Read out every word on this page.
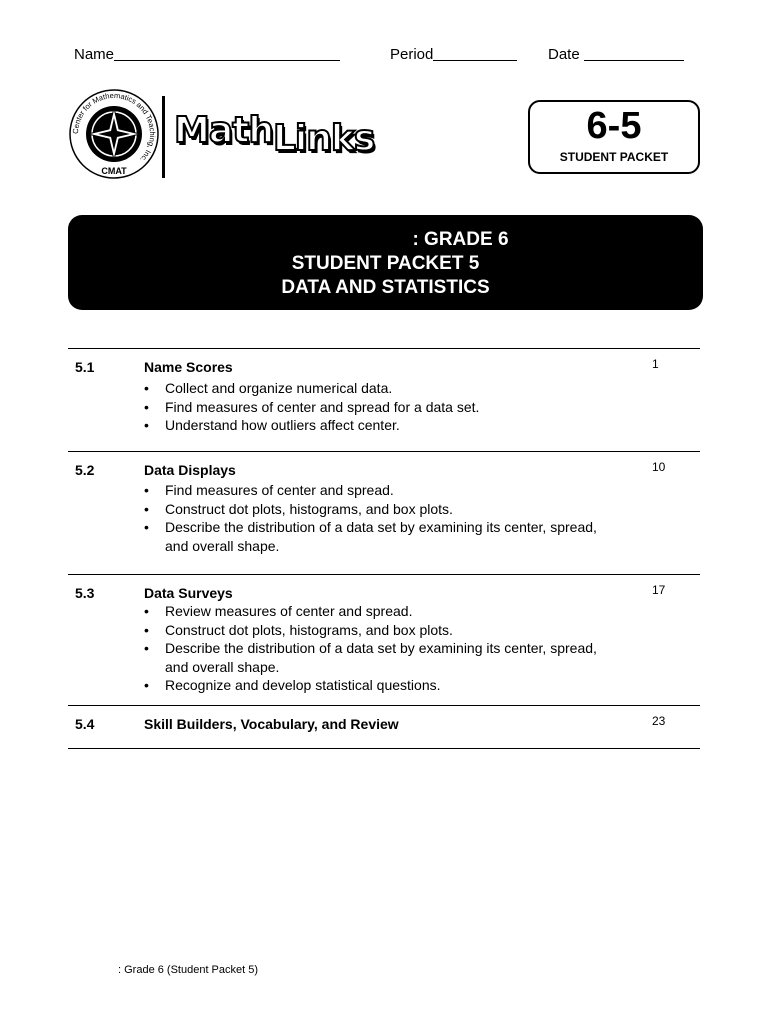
Name	Period	Date
Center for Mathematics and Teaching, Inc.
CMAT
MathLinks	6-5
STUDENT PACKET
: GRADE 6
STUDENT PACKET 5
DATA AND STATISTICS
5.1	Name Scores	1
• Collect and organize numerical data.
• Find measures of center and spread for a data set.
• Understand how outliers affect center.
5.2	Data Displays	10
• Find measures of center and spread.
• Construct dot plots, histograms, and box plots.
• Describe the distribution of a data set by examining its center, spread, and overall shape.
5.3	Data Surveys	17
• Review measures of center and spread.
• Construct dot plots, histograms, and box plots.
• Describe the distribution of a data set by examining its center, spread, and overall shape.
• Recognize and develop statistical questions.
5.4	Skill Builders, Vocabulary, and Review	23
: Grade 6 (Student Packet 5)
